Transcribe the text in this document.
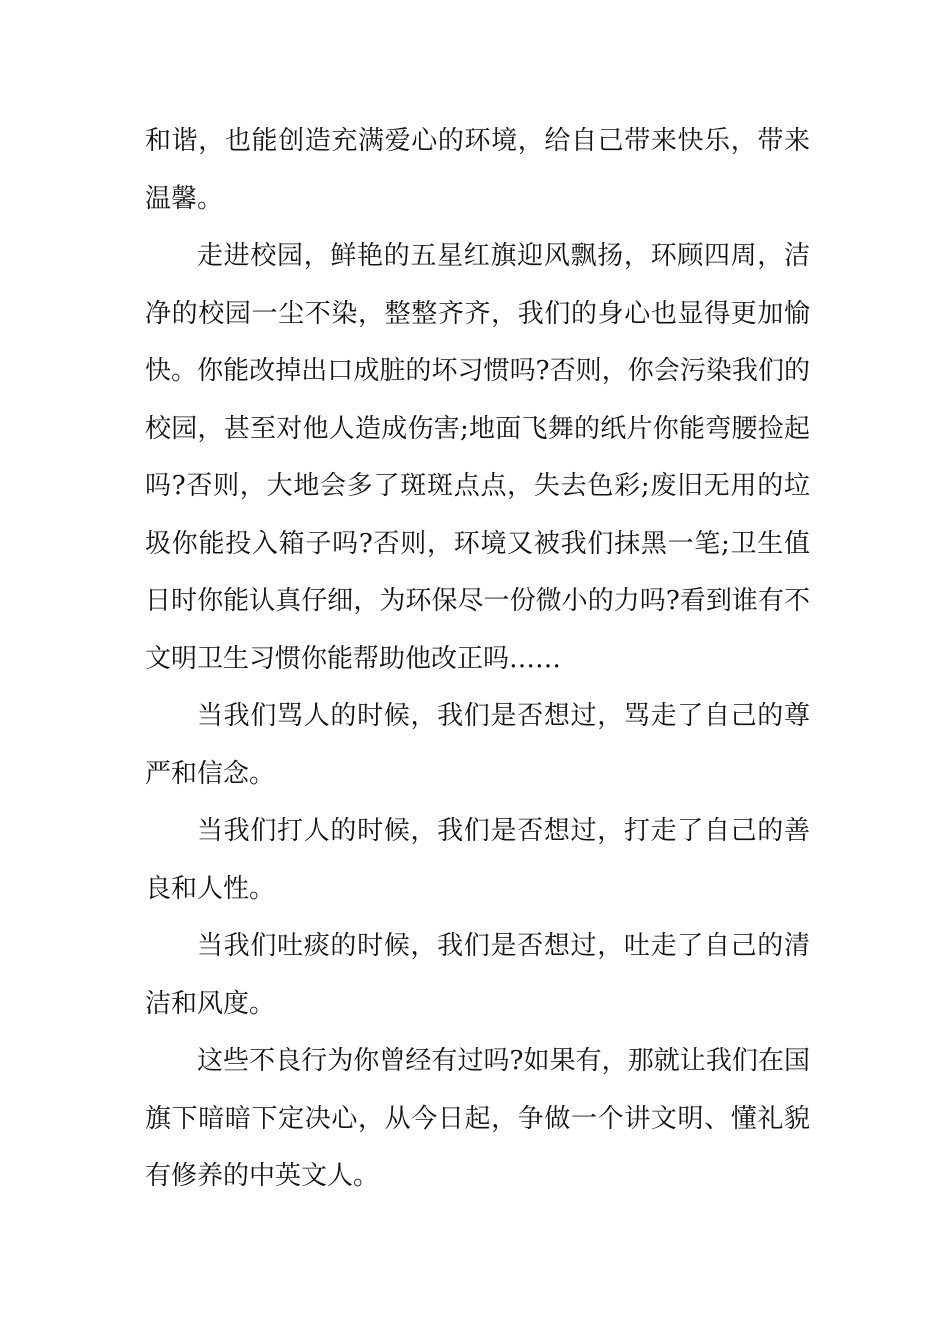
和谐，也能创造充满爱心的环境，给自己带来快乐，带来温馨。

走进校园，鲜艳的五星红旗迎风飘扬，环顾四周，洁净的校园一尘不染，整整齐齐，我们的身心也显得更加愉快。你能改掉出口成脏的坏习惯吗?否则，你会污染我们的校园，甚至对他人造成伤害;地面飞舞的纸片你能弯腰捡起吗?否则，大地会多了斑斑点点，失去色彩;废旧无用的垃圾你能投入箱子吗?否则，环境又被我们抹黑一笔;卫生值日时你能认真仔细，为环保尽一份微小的力吗?看到谁有不文明卫生习惯你能帮助他改正吗……

当我们骂人的时候，我们是否想过，骂走了自己的尊严和信念。

当我们打人的时候，我们是否想过，打走了自己的善良和人性。

当我们吐痰的时候，我们是否想过，吐走了自己的清洁和风度。

这些不良行为你曾经有过吗?如果有，那就让我们在国旗下暗暗下定决心，从今日起，争做一个讲文明、懂礼貌有修养的中英文人。
